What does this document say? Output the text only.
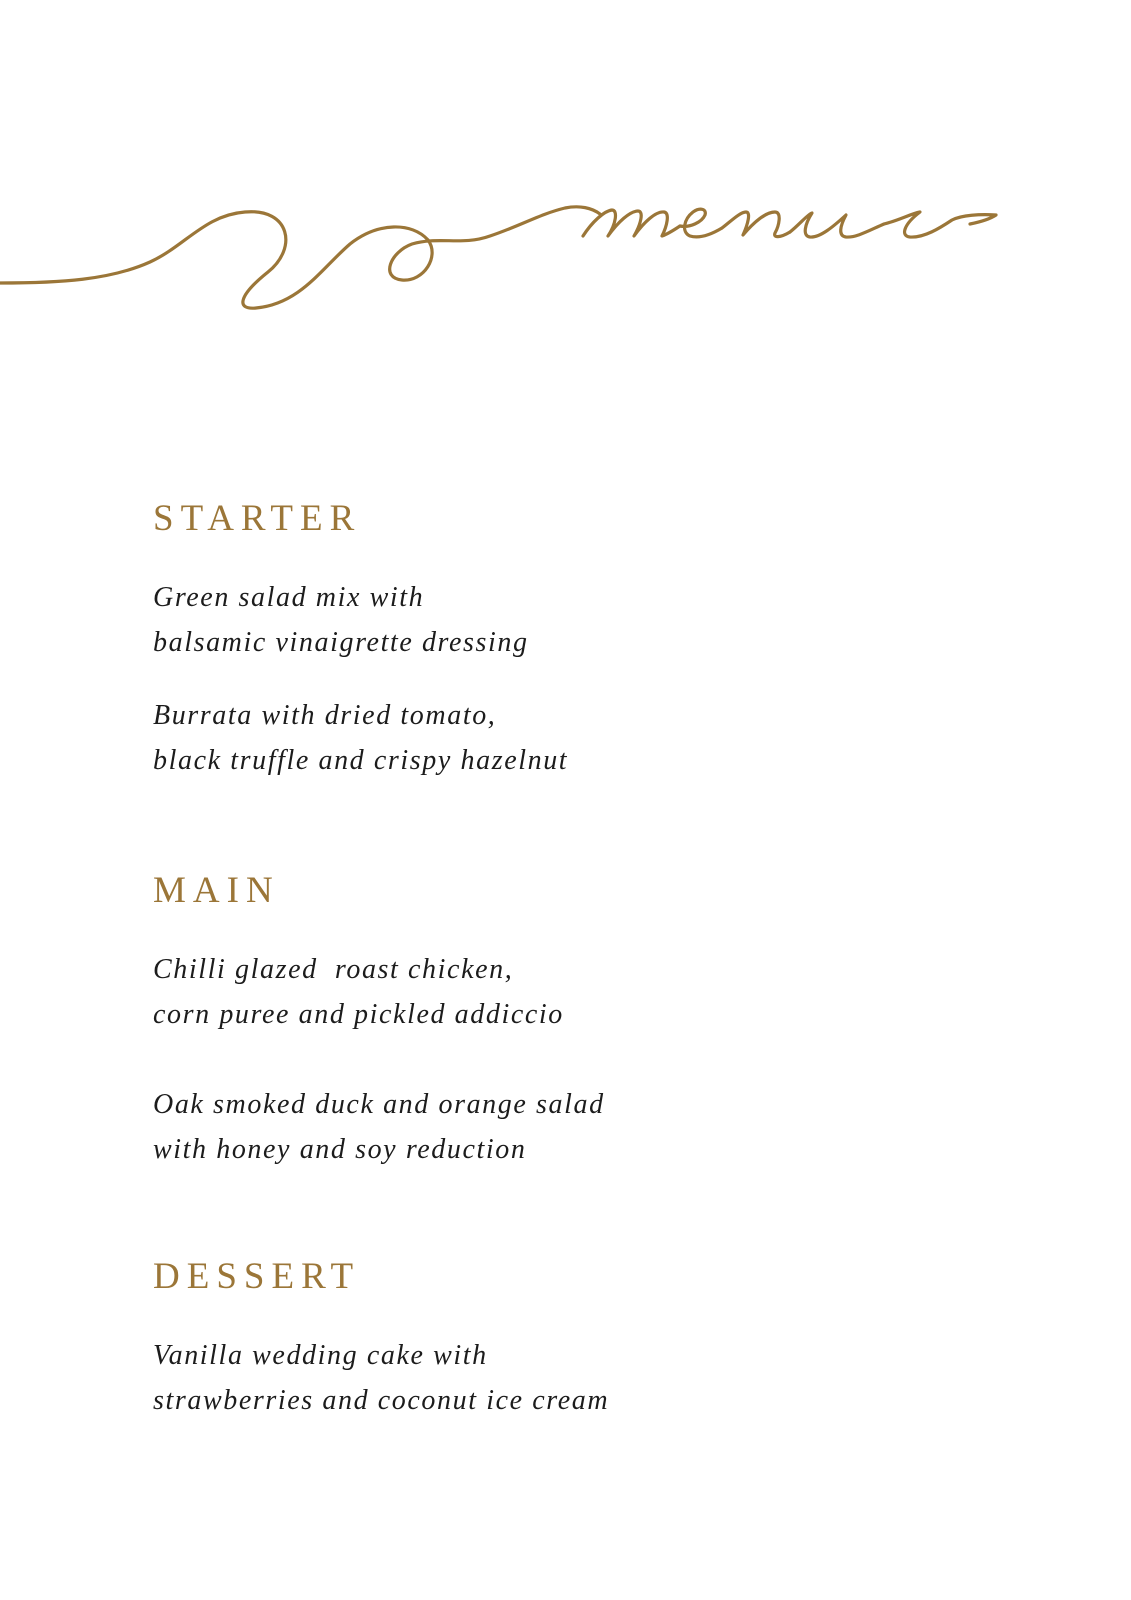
STARTER
Green salad mix with
balsamic vinaigrette dressing
Burrata with dried tomato,
black truffle and crispy hazelnut
MAIN
Chilli glazed  roast chicken,
corn puree and pickled addiccio
Oak smoked duck and orange salad
with honey and soy reduction
DESSERT
Vanilla wedding cake with
strawberries and coconut ice cream
